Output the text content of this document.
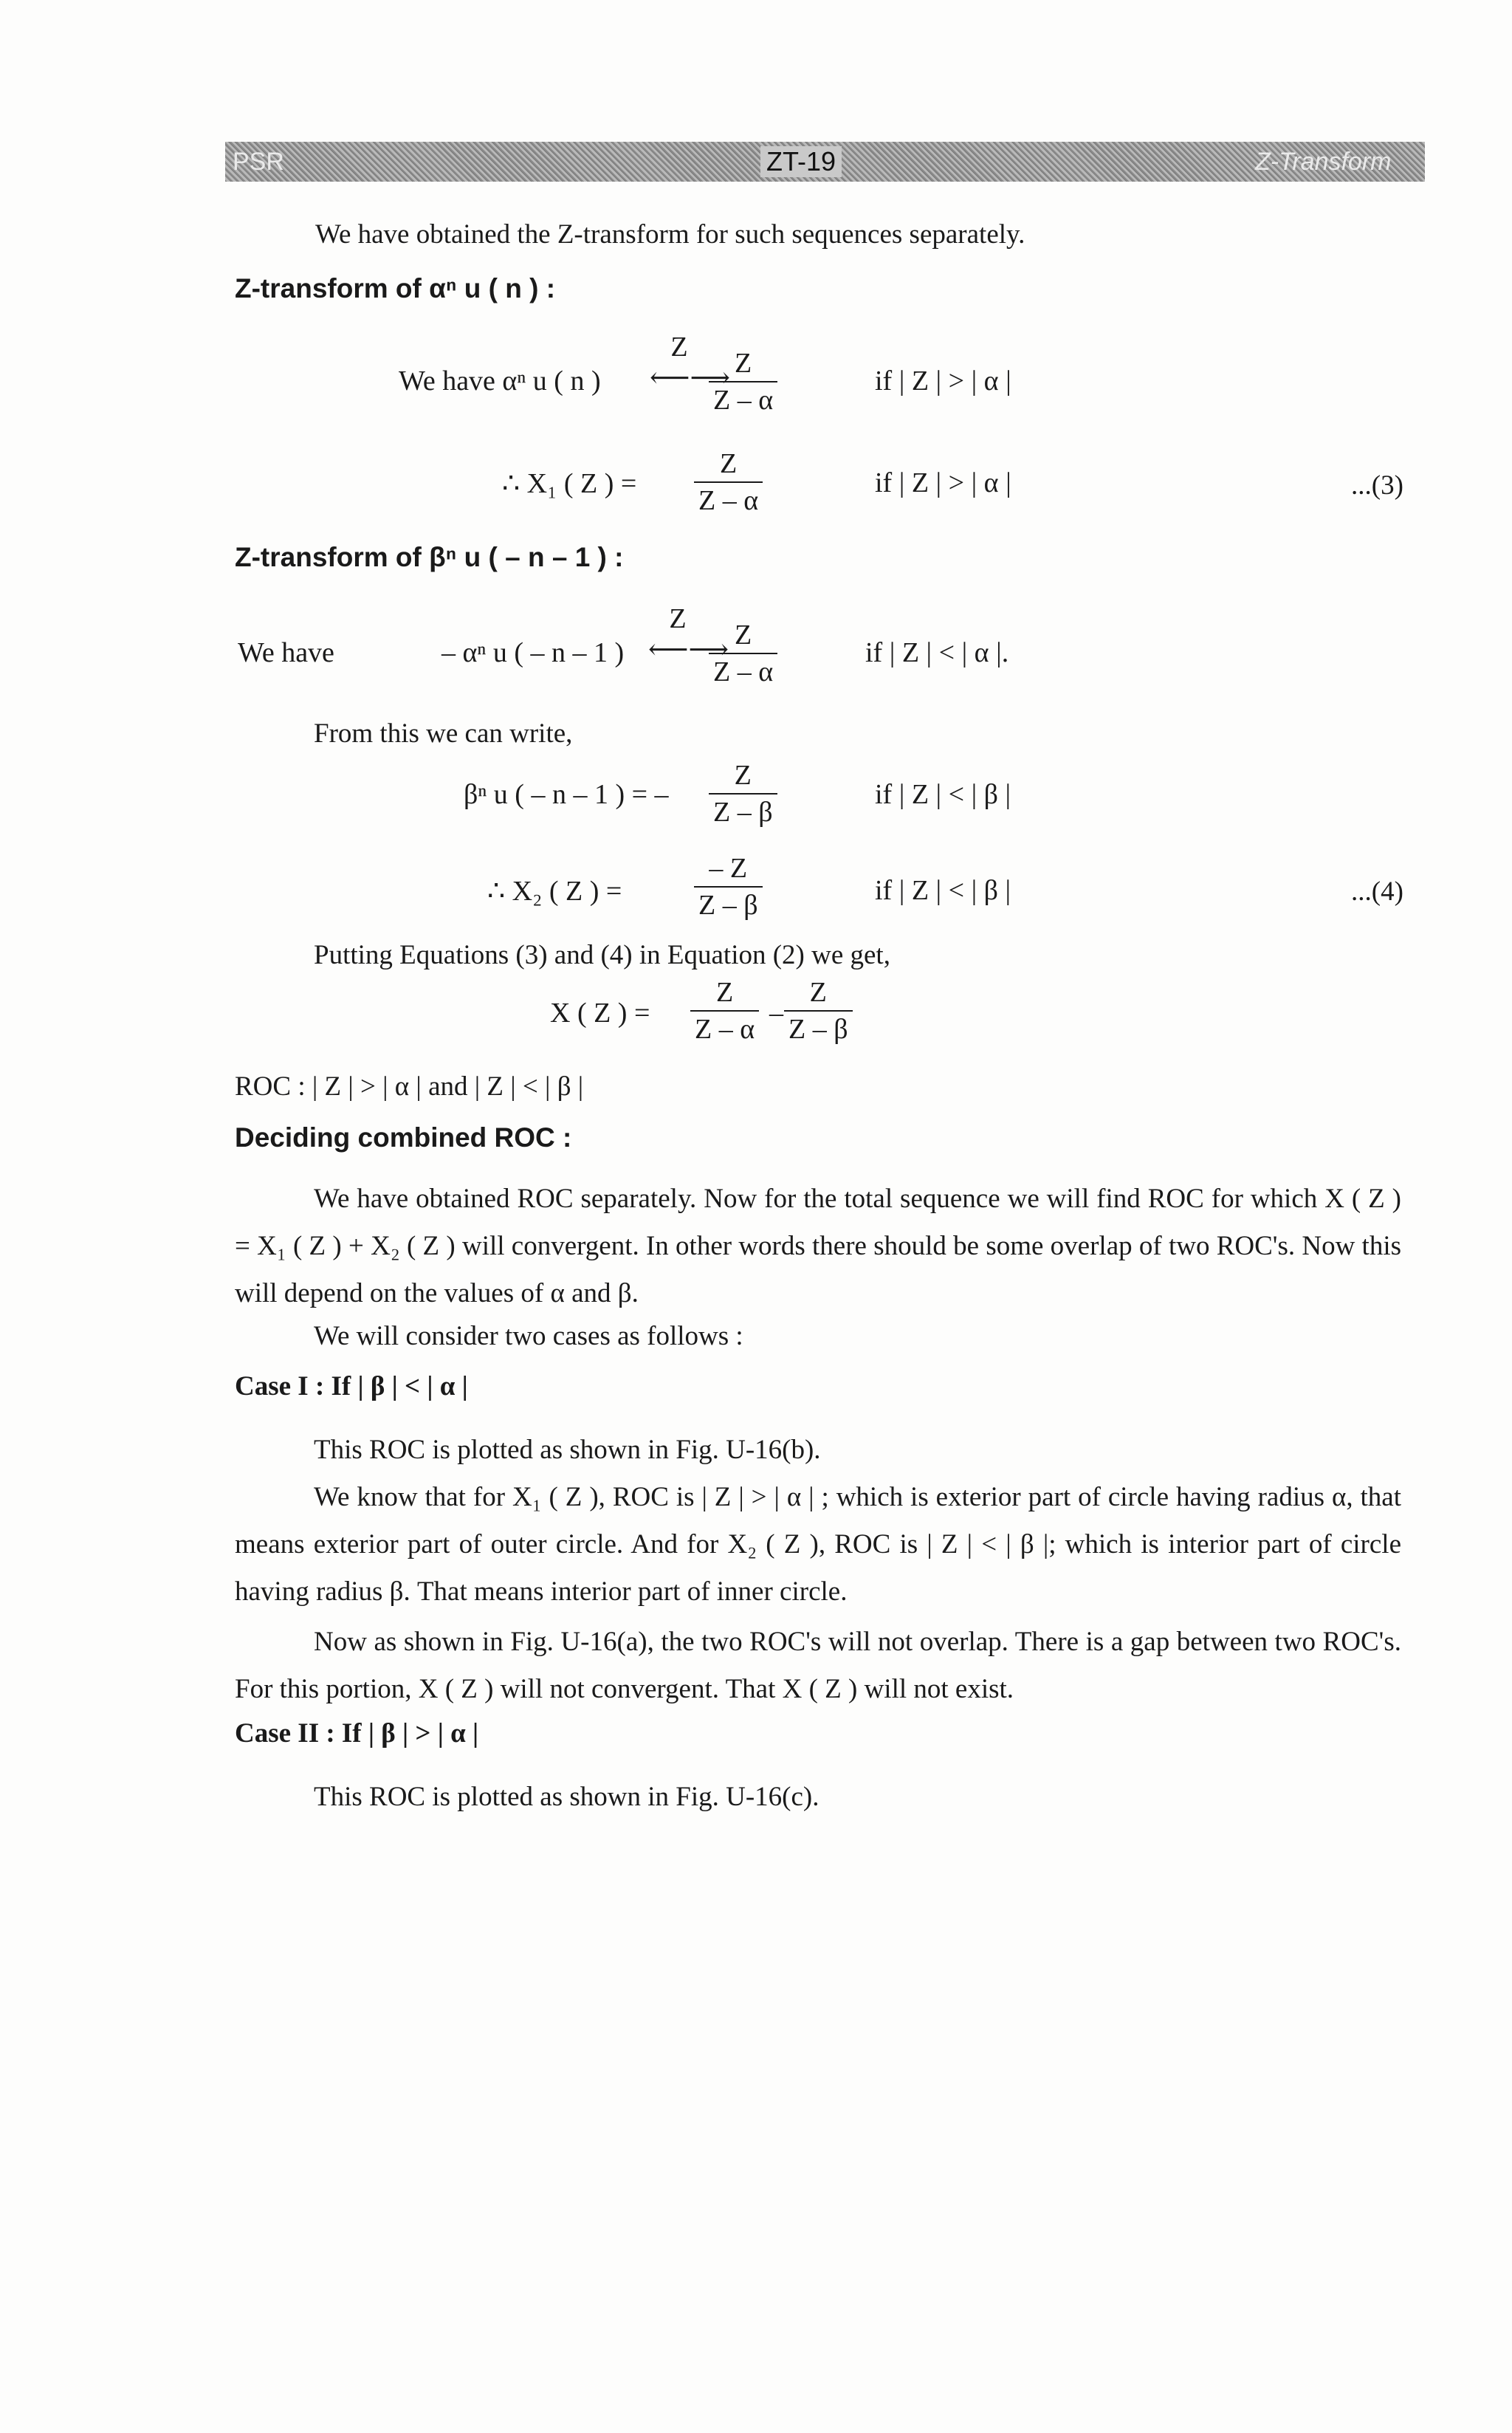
PSR	ZT-19	Z-Transform
We have obtained the Z-transform for such sequences separately.
Z-transform of αⁿ u ( n ) :
We have αⁿ u ( n )
Z
⟵⟶ Z
Z – α
if | Z | > | α |
∴ X₁ ( Z ) =
Z
Z – α
if | Z | > | α |	...(3)
Z-transform of βⁿ u ( – n – 1 ) :
We have	– αⁿ u ( – n – 1 )
Z
⟵⟶ Z
Z – α
if | Z | < | α |.
From this we can write,
βⁿ u ( – n – 1 ) = –
Z
Z – β
if | Z | < | β |
∴ X₂ ( Z ) =
– Z
Z – β	if | Z | < | β |	...(4)
Putting Equations (3) and (4) in Equation (2) we get,
X ( Z ) =
Z
Z – α
–
Z
Z – β
ROC : | Z | > | α | and | Z | < | β |
Deciding combined ROC :
We have obtained ROC separately. Now for the total sequence we will find ROC for which X ( Z ) = X₁ ( Z ) + X₂ ( Z ) will convergent. In other words there should be some overlap of two ROC's. Now this will depend on the values of α and β.
We will consider two cases as follows :
Case I : If | β | < | α |
This ROC is plotted as shown in Fig. U-16(b).
We know that for X₁ ( Z ), ROC is | Z | > | α | ; which is exterior part of circle having radius α, that means exterior part of outer circle. And for X₂ ( Z ), ROC is | Z | < | β |; which is interior part of circle having radius β. That means interior part of inner circle.
Now as shown in Fig. U-16(a), the two ROC's will not overlap. There is a gap between two ROC's. For this portion, X ( Z ) will not convergent. That X ( Z ) will not exist.
Case II : If | β | > | α |
This ROC is plotted as shown in Fig. U-16(c).
